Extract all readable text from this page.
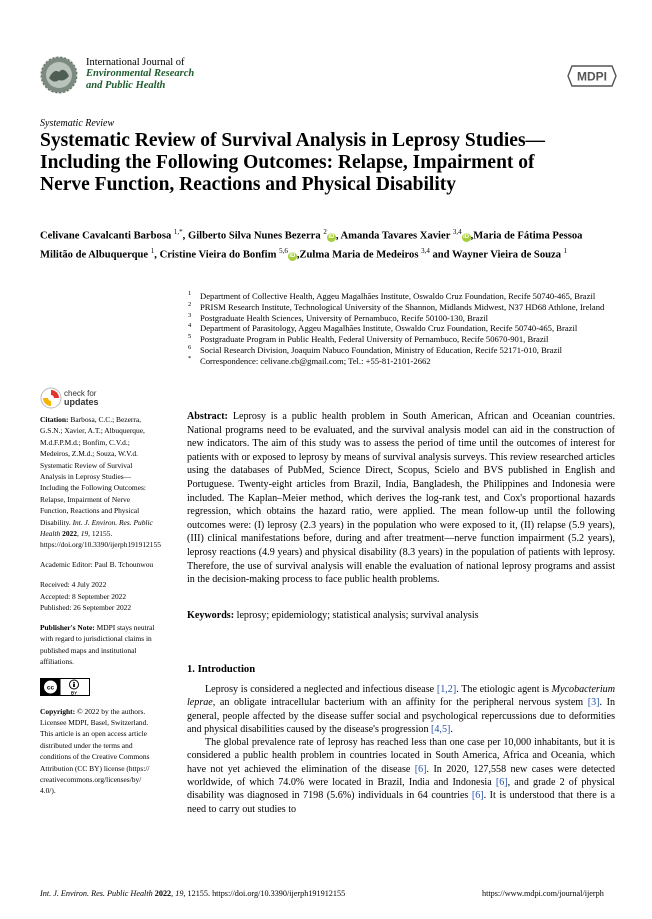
International Journal of
Environmental Research
and Public Health
MDPI
Systematic Review
Systematic Review of Survival Analysis in Leprosy Studies—Including the Following Outcomes: Relapse, Impairment of Nerve Function, Reactions and Physical Disability
Celivane Cavalcanti Barbosa $^{1,*}$, Gilberto Silva Nunes Bezerra $^2$iD , Amanda Tavares Xavier $^{3,4}$iD ,Maria de Fátima Pessoa Militão de Albuquerque $^1$, Cristine Vieira do Bonfim $^{5,6}$iD ,Zulma Maria de Medeiros $^{3,4}$ and Wayner Vieira de Souza $^1$
1 Department of Collective Health, Aggeu Magalhães Institute, Oswaldo Cruz Foundation, Recife 50740-465, Brazil
2 PRISM Research Institute, Technological University of the Shannon, Midlands Midwest, N37 HD68 Athlone, Ireland
3 Postgraduate Health Sciences, University of Pernambuco, Recife 50100-130, Brazil
4 Department of Parasitology, Aggeu Magalhães Institute, Oswaldo Cruz Foundation, Recife 50740-465, Brazil
5 Postgraduate Program in Public Health, Federal University of Pernambuco, Recife 50670-901, Brazil
6 Social Research Division, Joaquim Nabuco Foundation, Ministry of Education, Recife 52171-010, Brazil
* Correspondence: celivane.cb@gmail.com; Tel.: +55-81-2101-2662
check for
updates

Citation: Barbosa, C.C.; Bezerra, G.S.N.; Xavier, A.T.; Albuquerque, M.d.F.P.M.d.; Bonfim, C.V.d.; Medeiros, Z.M.d.; Souza, W.V.d. Systematic Review of Survival Analysis in Leprosy Studies—Including the Following Outcomes: Relapse, Impairment of Nerve Function, Reactions and Physical Disability. Int. J. Environ. Res. Public Health 2022, 19, 12155. https://doi.org/10.3390/ijerph191912155

Academic Editor: Paul B. Tchounwou

Received: 4 July 2022
Accepted: 8 September 2022
Published: 26 September 2022

Publisher's Note: MDPI stays neutral with regard to jurisdictional claims in published maps and institutional affiliations.

cc
BY

Copyright: © 2022 by the authors. Licensee MDPI, Basel, Switzerland. This article is an open access article distributed under the terms and conditions of the Creative Commons Attribution (CC BY) license (https:// creativecommons.org/licenses/by/ 4.0/).

Abstract: Leprosy is a public health problem in South American, African and Oceanian countries. National programs need to be evaluated, and the survival analysis model can aid in the construction of new indicators. The aim of this study was to assess the period of time until the outcomes of interest for patients with or exposed to leprosy by means of survival analysis surveys. This review researched articles using the databases of PubMed, Science Direct, Scopus, Scielo and BVS published in English and Portuguese. Twenty-eight articles from Brazil, India, Bangladesh, the Philippines and Indonesia were included. The Kaplan–Meier method, which derives the log-rank test, and Cox's proportional hazards regression, which obtains the hazard ratio, were applied. The mean follow-up until the following outcomes were: (I) leprosy (2.3 years) in the population who were exposed to it, (II) relapse (5.9 years), (III) clinical manifestations before, during and after treatment—nerve function impairment (5.2 years), leprosy reactions (4.9 years) and physical disability (8.3 years) in the population of patients with leprosy. Therefore, the use of survival analysis will enable the evaluation of national leprosy programs and assist in the decision-making process to face public health problems.

Keywords: leprosy; epidemiology; statistical analysis; survival analysis

1. Introduction

Leprosy is considered a neglected and infectious disease [1,2]. The etiologic agent is Mycobacterium leprae, an obligate intracellular bacterium with an affinity for the peripheral nervous system [3]. In general, people affected by the disease suffer social and psychological repercussions due to deformities and physical disabilities caused by the disease's progression [4,5].

The global prevalence rate of leprosy has reached less than one case per 10,000 inhabitants, but it is considered a public health problem in countries located in South America, Africa and Oceania, which have not yet achieved the elimination of the disease [6]. In 2020, 127,558 new cases were detected worldwide, of which 74.0% were located in Brazil, India and Indonesia [6], and grade 2 of physical disability was diagnosed in 7198 (5.6%) individuals in 64 countries [6]. It is understood that there is a need to carry out studies to

Int. J. Environ. Res. Public Health 2022, 19, 12155. https://doi.org/10.3390/ijerph191912155	https://www.mdpi.com/journal/ijerph
